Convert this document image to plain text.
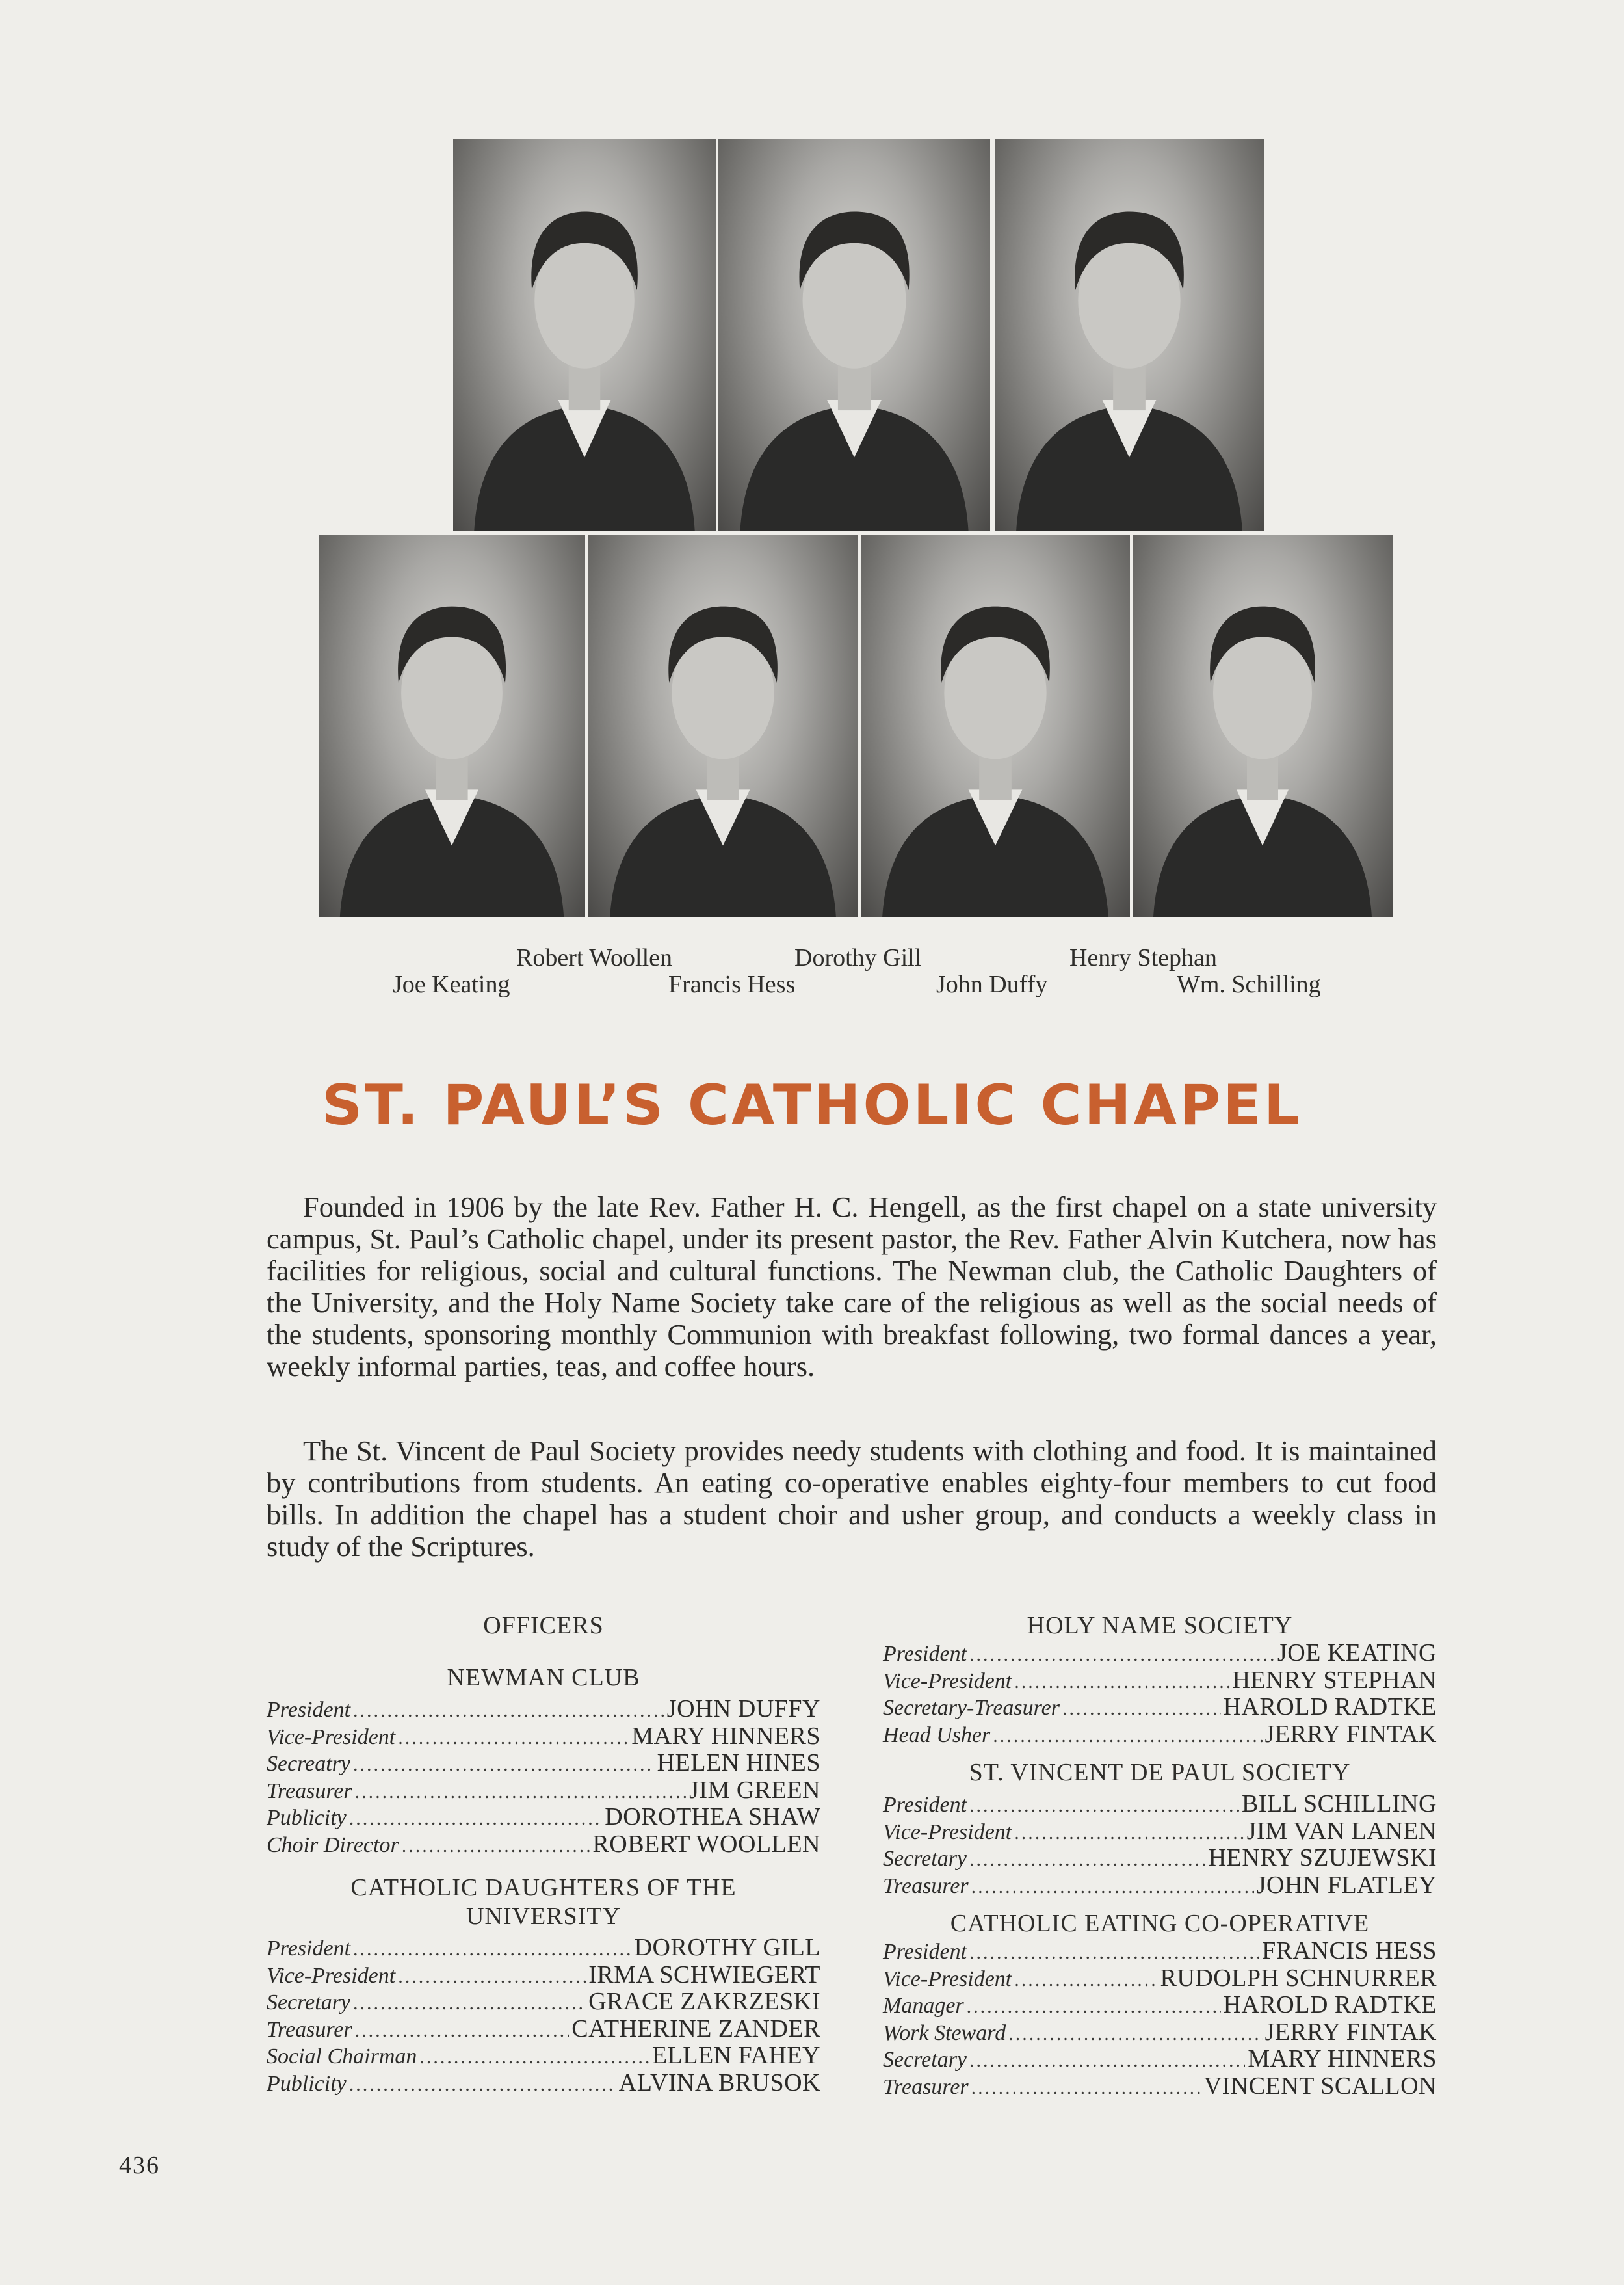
Robert Woollen	Dorothy Gill	Henry Stephan
Joe Keating	Francis Hess	John Duffy	Wm. Schilling
ST. PAUL’S CATHOLIC CHAPEL
Founded in 1906 by the late Rev. Father H. C. Hengell, as the first chapel on a state university campus, St. Paul’s Catholic chapel, under its present pastor, the Rev. Father Alvin Kutchera, now has facilities for religious, social and cultural functions. The Newman club, the Catholic Daughters of the University, and the Holy Name Society take care of the religious as well as the social needs of the students, sponsoring monthly Communion with breakfast following, two formal dances a year, weekly informal parties, teas, and coffee hours.
The St. Vincent de Paul Society provides needy students with clothing and food. It is maintained by contributions from students. An eating co-operative enables eighty-four members to cut food bills. In addition the chapel has a student choir and usher group, and conducts a weekly class in study of the Scriptures.
OFFICERS
NEWMAN CLUB
President .....	JOHN DUFFY
Vice-President .....	MARY HINNERS
Secreatry .....	HELEN HINES
Treasurer .....	JIM GREEN
Publicity .....	DOROTHEA SHAW
Choir Director .....	ROBERT WOOLLEN
CATHOLIC DAUGHTERS OF THE UNIVERSITY
President .....	DOROTHY GILL
Vice-President .....	IRMA SCHWIEGERT
Secretary .....	GRACE ZAKRZESKI
Treasurer .....	CATHERINE ZANDER
Social Chairman .....	ELLEN FAHEY
Publicity .....	ALVINA BRUSOK
HOLY NAME SOCIETY
President .....	JOE KEATING
Vice-President .....	HENRY STEPHAN
Secretary-Treasurer .....	HAROLD RADTKE
Head Usher .....	JERRY FINTAK
ST. VINCENT DE PAUL SOCIETY
President .....	BILL SCHILLING
Vice-President .....	JIM VAN LANEN
Secretary .....	HENRY SZUJEWSKI
Treasurer .....	JOHN FLATLEY
CATHOLIC EATING CO-OPERATIVE
President .....	FRANCIS HESS
Vice-President .....	RUDOLPH SCHNURRER
Manager .....	HAROLD RADTKE
Work Steward .....	JERRY FINTAK
Secretary .....	MARY HINNERS
Treasurer .....	VINCENT SCALLON
436
